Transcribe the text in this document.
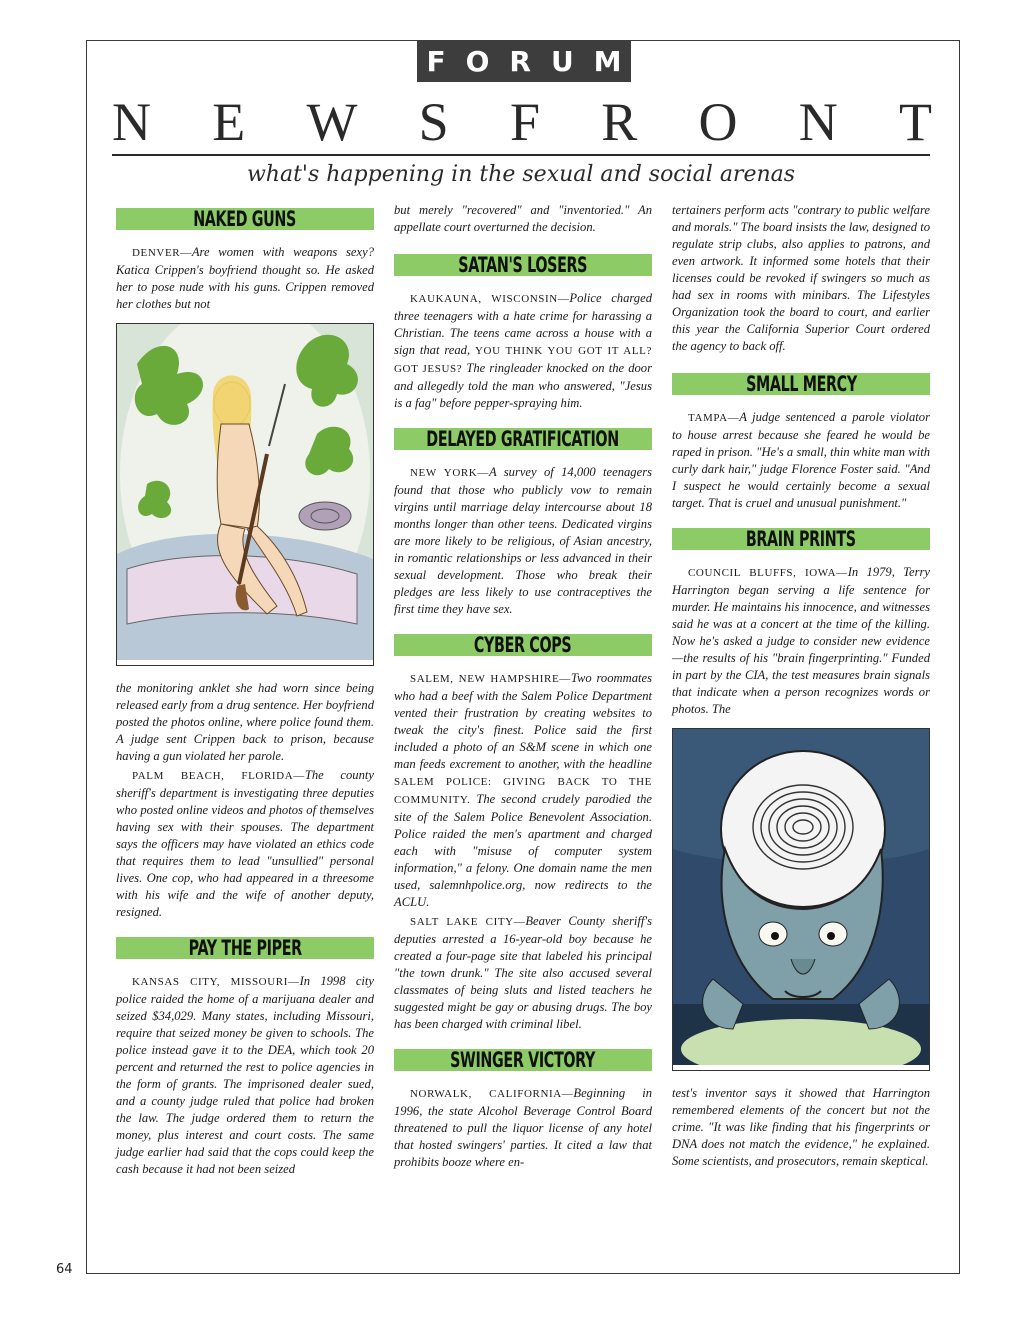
FORUM
N E W S F R O N T
what's happening in the sexual and social arenas
NAKED GUNS

DENVER—Are women with weapons sexy? Katica Crippen's boyfriend thought so. He asked her to pose nude with his guns. Crippen removed her clothes but not

the monitoring anklet she had worn since being released early from a drug sentence. Her boyfriend posted the photos online, where police found them. A judge sent Crippen back to prison, because having a gun violated her parole.

PALM BEACH, FLORIDA—The county sheriff's department is investigating three deputies who posted online videos and photos of themselves having sex with their spouses. The department says the officers may have violated an ethics code that requires them to lead "unsullied" personal lives. One cop, who had appeared in a threesome with his wife and the wife of another deputy, resigned.

PAY THE PIPER

KANSAS CITY, MISSOURI—In 1998 city police raided the home of a marijuana dealer and seized $34,029. Many states, including Missouri, require that seized money be given to schools. The police instead gave it to the DEA, which took 20 percent and returned the rest to police agencies in the form of grants. The imprisoned dealer sued, and a county judge ruled that police had broken the law. The judge ordered them to return the money, plus interest and court costs. The same judge earlier had said that the cops could keep the cash because it had not been seized

but merely "recovered" and "inventoried." An appellate court overturned the decision.

SATAN'S LOSERS

KAUKAUNA, WISCONSIN—Police charged three teenagers with a hate crime for harassing a Christian. The teens came across a house with a sign that read, YOU THINK YOU GOT IT ALL? GOT JESUS? The ringleader knocked on the door and allegedly told the man who answered, "Jesus is a fag" before pepper-spraying him.

DELAYED GRATIFICATION

NEW YORK—A survey of 14,000 teenagers found that those who publicly vow to remain virgins until marriage delay intercourse about 18 months longer than other teens. Dedicated virgins are more likely to be religious, of Asian ancestry, in romantic relationships or less advanced in their sexual development. Those who break their pledges are less likely to use contraceptives the first time they have sex.

CYBER COPS

SALEM, NEW HAMPSHIRE—Two roommates who had a beef with the Salem Police Department vented their frustration by creating websites to tweak the city's finest. Police said the first included a photo of an S&M scene in which one man feeds excrement to another, with the headline SALEM POLICE: GIVING BACK TO THE COMMUNITY. The second crudely parodied the site of the Salem Police Benevolent Association. Police raided the men's apartment and charged each with "misuse of computer system information," a felony. One domain name the men used, salemnhpolice.org, now redirects to the ACLU.

SALT LAKE CITY—Beaver County sheriff's deputies arrested a 16-year-old boy because he created a four-page site that labeled his principal "the town drunk." The site also accused several classmates of being sluts and listed teachers he suggested might be gay or abusing drugs. The boy has been charged with criminal libel.

SWINGER VICTORY

NORWALK, CALIFORNIA—Beginning in 1996, the state Alcohol Beverage Control Board threatened to pull the liquor license of any hotel that hosted swingers' parties. It cited a law that prohibits booze where en-

tertainers perform acts "contrary to public welfare and morals." The board insists the law, designed to regulate strip clubs, also applies to patrons, and even artwork. It informed some hotels that their licenses could be revoked if swingers so much as had sex in rooms with minibars. The Lifestyles Organization took the board to court, and earlier this year the California Superior Court ordered the agency to back off.

SMALL MERCY

TAMPA—A judge sentenced a parole violator to house arrest because she feared he would be raped in prison. "He's a small, thin white man with curly dark hair," judge Florence Foster said. "And I suspect he would certainly become a sexual target. That is cruel and unusual punishment."

BRAIN PRINTS

COUNCIL BLUFFS, IOWA—In 1979, Terry Harrington began serving a life sentence for murder. He maintains his innocence, and witnesses said he was at a concert at the time of the killing. Now he's asked a judge to consider new evidence—the results of his "brain fingerprinting." Funded in part by the CIA, the test measures brain signals that indicate when a person recognizes words or photos. The

test's inventor says it showed that Harrington remembered elements of the concert but not the crime. "It was like finding that his fingerprints or DNA does not match the evidence," he explained. Some scientists, and prosecutors, remain skeptical.

64
